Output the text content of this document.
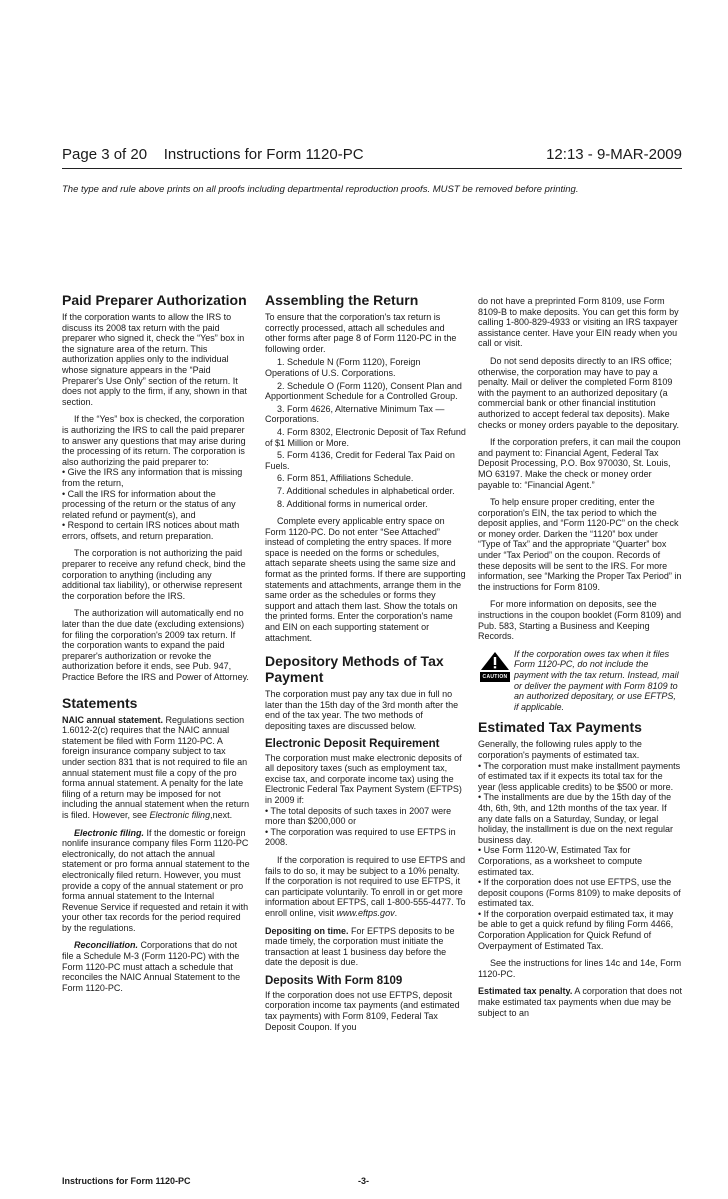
Page 3 of 20    Instructions for Form 1120-PC	12:13 - 9-MAR-2009
The type and rule above prints on all proofs including departmental reproduction proofs. MUST be removed before printing.
Paid Preparer Authorization

If the corporation wants to allow the IRS to discuss its 2008 tax return with the paid preparer who signed it, check the “Yes” box in the signature area of the return. This authorization applies only to the individual whose signature appears in the “Paid Preparer's Use Only” section of the return. It does not apply to the firm, if any, shown in that section.

If the “Yes” box is checked, the corporation is authorizing the IRS to call the paid preparer to answer any questions that may arise during the processing of its return. The corporation is also authorizing the paid preparer to:

• Give the IRS any information that is missing from the return,

• Call the IRS for information about the processing of the return or the status of any related refund or payment(s), and

• Respond to certain IRS notices about math errors, offsets, and return preparation.

The corporation is not authorizing the paid preparer to receive any refund check, bind the corporation to anything (including any additional tax liability), or otherwise represent the corporation before the IRS.

The authorization will automatically end no later than the due date (excluding extensions) for filing the corporation's 2009 tax return. If the corporation wants to expand the paid preparer's authorization or revoke the authorization before it ends, see Pub. 947, Practice Before the IRS and Power of Attorney.

Statements

NAIC annual statement. Regulations section 1.6012-2(c) requires that the NAIC annual statement be filed with Form 1120-PC. A foreign insurance company subject to tax under section 831 that is not required to file an annual statement must file a copy of the pro forma annual statement. A penalty for the late filing of a return may be imposed for not including the annual statement when the return is filed. However, see Electronic filing,next.

Electronic filing. If the domestic or foreign nonlife insurance company files Form 1120-PC electronically, do not attach the annual statement or pro forma annual statement to the electronically filed return. However, you must provide a copy of the annual statement or pro forma annual statement to the Internal Revenue Service if requested and retain it with your other tax records for the period required by the regulations.

Reconciliation. Corporations that do not file a Schedule M-3 (Form 1120-PC) with the Form 1120-PC must attach a schedule that reconciles the NAIC Annual Statement to the Form 1120-PC.

Assembling the Return

To ensure that the corporation's tax return is correctly processed, attach all schedules and other forms after page 8 of Form 1120-PC in the following order.

1. Schedule N (Form 1120), Foreign Operations of U.S. Corporations.

2. Schedule O (Form 1120), Consent Plan and Apportionment Schedule for a Controlled Group.

3. Form 4626, Alternative Minimum Tax — Corporations.

4. Form 8302, Electronic Deposit of Tax Refund of $1 Million or More.

5. Form 4136, Credit for Federal Tax Paid on Fuels.

6. Form 851, Affiliations Schedule.

7. Additional schedules in alphabetical order.

8. Additional forms in numerical order.

Complete every applicable entry space on Form 1120-PC. Do not enter “See Attached” instead of completing the entry spaces. If more space is needed on the forms or schedules, attach separate sheets using the same size and format as the printed forms. If there are supporting statements and attachments, arrange them in the same order as the schedules or forms they support and attach them last. Show the totals on the printed forms. Enter the corporation's name and EIN on each supporting statement or attachment.

Depository Methods of Tax Payment

The corporation must pay any tax due in full no later than the 15th day of the 3rd month after the end of the tax year. The two methods of depositing taxes are discussed below.

Electronic Deposit Requirement

The corporation must make electronic deposits of all depository taxes (such as employment tax, excise tax, and corporate income tax) using the Electronic Federal Tax Payment System (EFTPS) in 2009 if:

• The total deposits of such taxes in 2007 were more than $200,000 or

• The corporation was required to use EFTPS in 2008.

If the corporation is required to use EFTPS and fails to do so, it may be subject to a 10% penalty. If the corporation is not required to use EFTPS, it can participate voluntarily. To enroll in or get more information about EFTPS, call 1-800-555-4477. To enroll online, visit www.eftps.gov.

Depositing on time. For EFTPS deposits to be made timely, the corporation must initiate the transaction at least 1 business day before the date the deposit is due.

Deposits With Form 8109

If the corporation does not use EFTPS, deposit corporation income tax payments (and estimated tax payments) with Form 8109, Federal Tax Deposit Coupon. If you

do not have a preprinted Form 8109, use Form 8109-B to make deposits. You can get this form by calling 1-800-829-4933 or visiting an IRS taxpayer assistance center. Have your EIN ready when you call or visit.

Do not send deposits directly to an IRS office; otherwise, the corporation may have to pay a penalty. Mail or deliver the completed Form 8109 with the payment to an authorized depositary (a commercial bank or other financial institution authorized to accept federal tax deposits). Make checks or money orders payable to the depositary.

If the corporation prefers, it can mail the coupon and payment to: Financial Agent, Federal Tax Deposit Processing, P.O. Box 970030, St. Louis, MO 63197. Make the check or money order payable to: “Financial Agent.”

To help ensure proper crediting, enter the corporation's EIN, the tax period to which the deposit applies, and “Form 1120-PC” on the check or money order. Darken the “1120” box under “Type of Tax” and the appropriate “Quarter” box under “Tax Period” on the coupon. Records of these deposits will be sent to the IRS. For more information, see “Marking the Proper Tax Period” in the instructions for Form 8109.

For more information on deposits, see the instructions in the coupon booklet (Form 8109) and Pub. 583, Starting a Business and Keeping Records.

CAUTION
If the corporation owes tax when it files Form 1120-PC, do not include the payment with the tax return. Instead, mail or deliver the payment with Form 8109 to an authorized depositary, or use EFTPS, if applicable.
Estimated Tax Payments

Generally, the following rules apply to the corporation's payments of estimated tax.

• The corporation must make installment payments of estimated tax if it expects its total tax for the year (less applicable credits) to be $500 or more.

• The installments are due by the 15th day of the 4th, 6th, 9th, and 12th months of the tax year. If any date falls on a Saturday, Sunday, or legal holiday, the installment is due on the next regular business day.

• Use Form 1120-W, Estimated Tax for Corporations, as a worksheet to compute estimated tax.

• If the corporation does not use EFTPS, use the deposit coupons (Forms 8109) to make deposits of estimated tax.

• If the corporation overpaid estimated tax, it may be able to get a quick refund by filing Form 4466, Corporation Application for Quick Refund of Overpayment of Estimated Tax.

See the instructions for lines 14c and 14e, Form 1120-PC.

Estimated tax penalty. A corporation that does not make estimated tax payments when due may be subject to an

Instructions for Form 1120-PC	-3-
